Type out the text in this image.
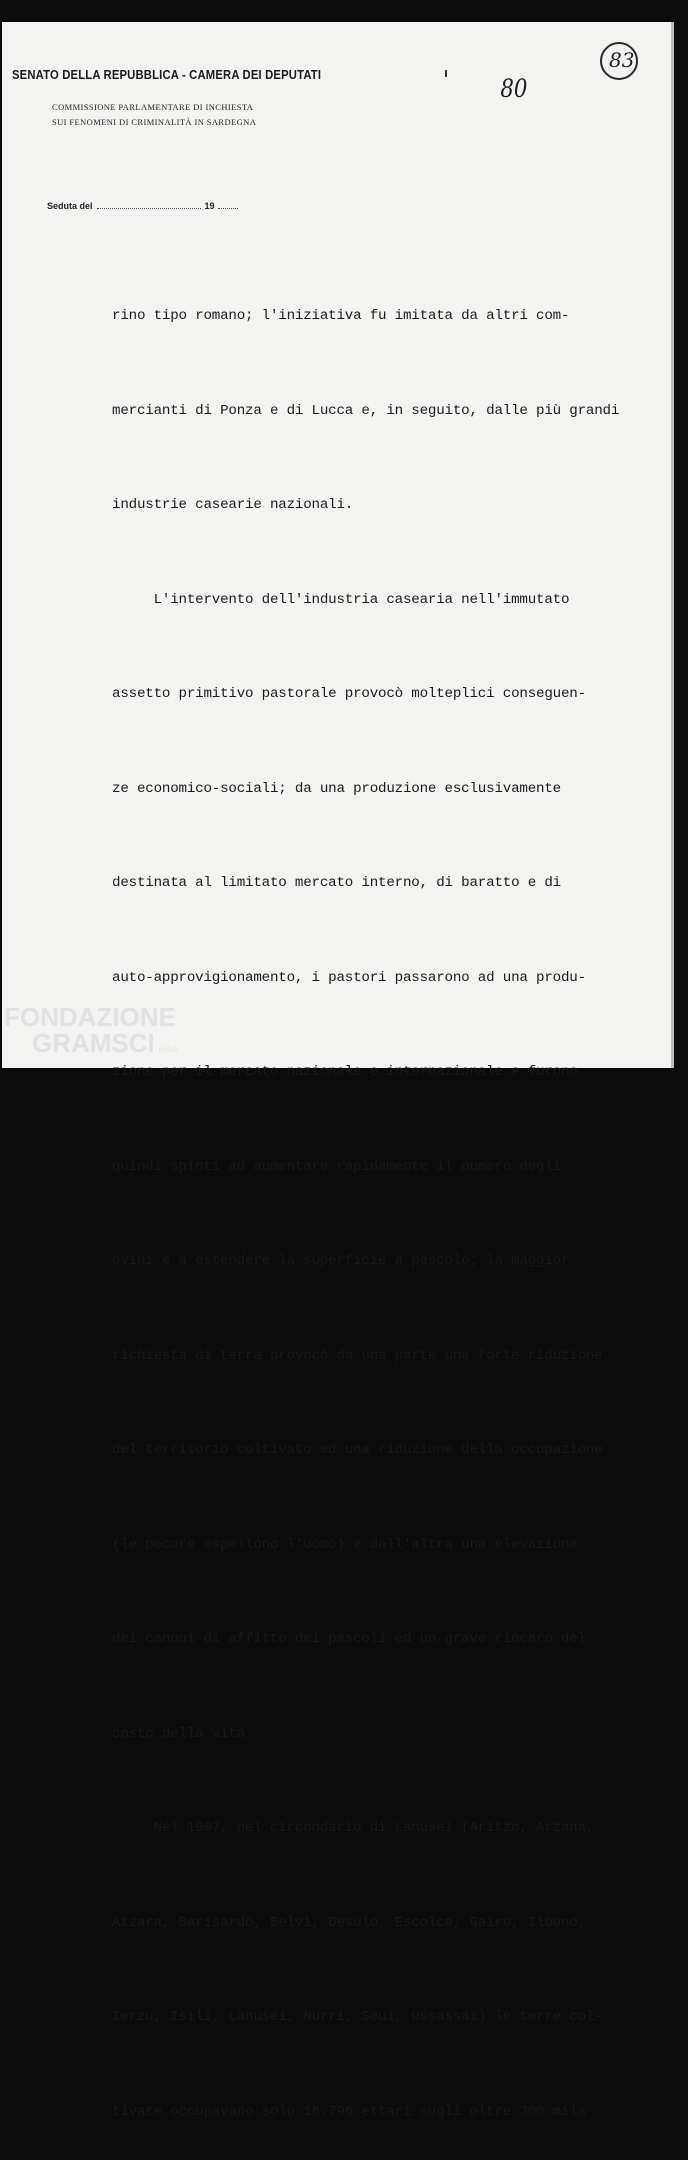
SENATO DELLA REPUBBLICA - CAMERA DEI DEPUTATI
COMMISSIONE PARLAMENTARE DI INCHIESTA
SUI FENOMENI DI CRIMINALITÀ IN SARDEGNA
80
83
Seduta del	19

rino tipo romano; l'iniziativa fu imitata da altri com-

mercianti di Ponza e di Lucca e, in seguito, dalle più grandi

industrie casearie nazionali.

L'intervento dell'industria casearia nell'immutato

assetto primitivo pastorale provocò molteplici conseguen-

ze economico-sociali; da una produzione esclusivamente

destinata al limitato mercato interno, di baratto e di

auto-approvigionamento, i pastori passarono ad una produ-

zione per il mercato nazionale e internazionale e furono

quindi spinti ad aumentare rapidamente il numero degli

ovini e a estendere la superficie a pascolo; la maggior

richiesta di terra provocò da una parte una forte riduzione

del territorio coltivato ed una riduzione della occupazione

(le pecore espellono l'uomo) e dall'altra una elevazione

dei canoni di affitto dei pascoli ed un grave rincaro del

costo della vita.

Nel 1907, nel circondario di Lanusei (Aritzo, Arzana,

Atzara, Barisardo, Belvì, Desulo, Escolca, Gairo, Ilbono,

Ierzu, Isili, Lanusei, Nurri, Seui, Ussassai) le terre col-

tivate occupavano solo 16.796 ettari sugli oltre 300 mila

FONDAZIONE
GRAMSCI onlus
